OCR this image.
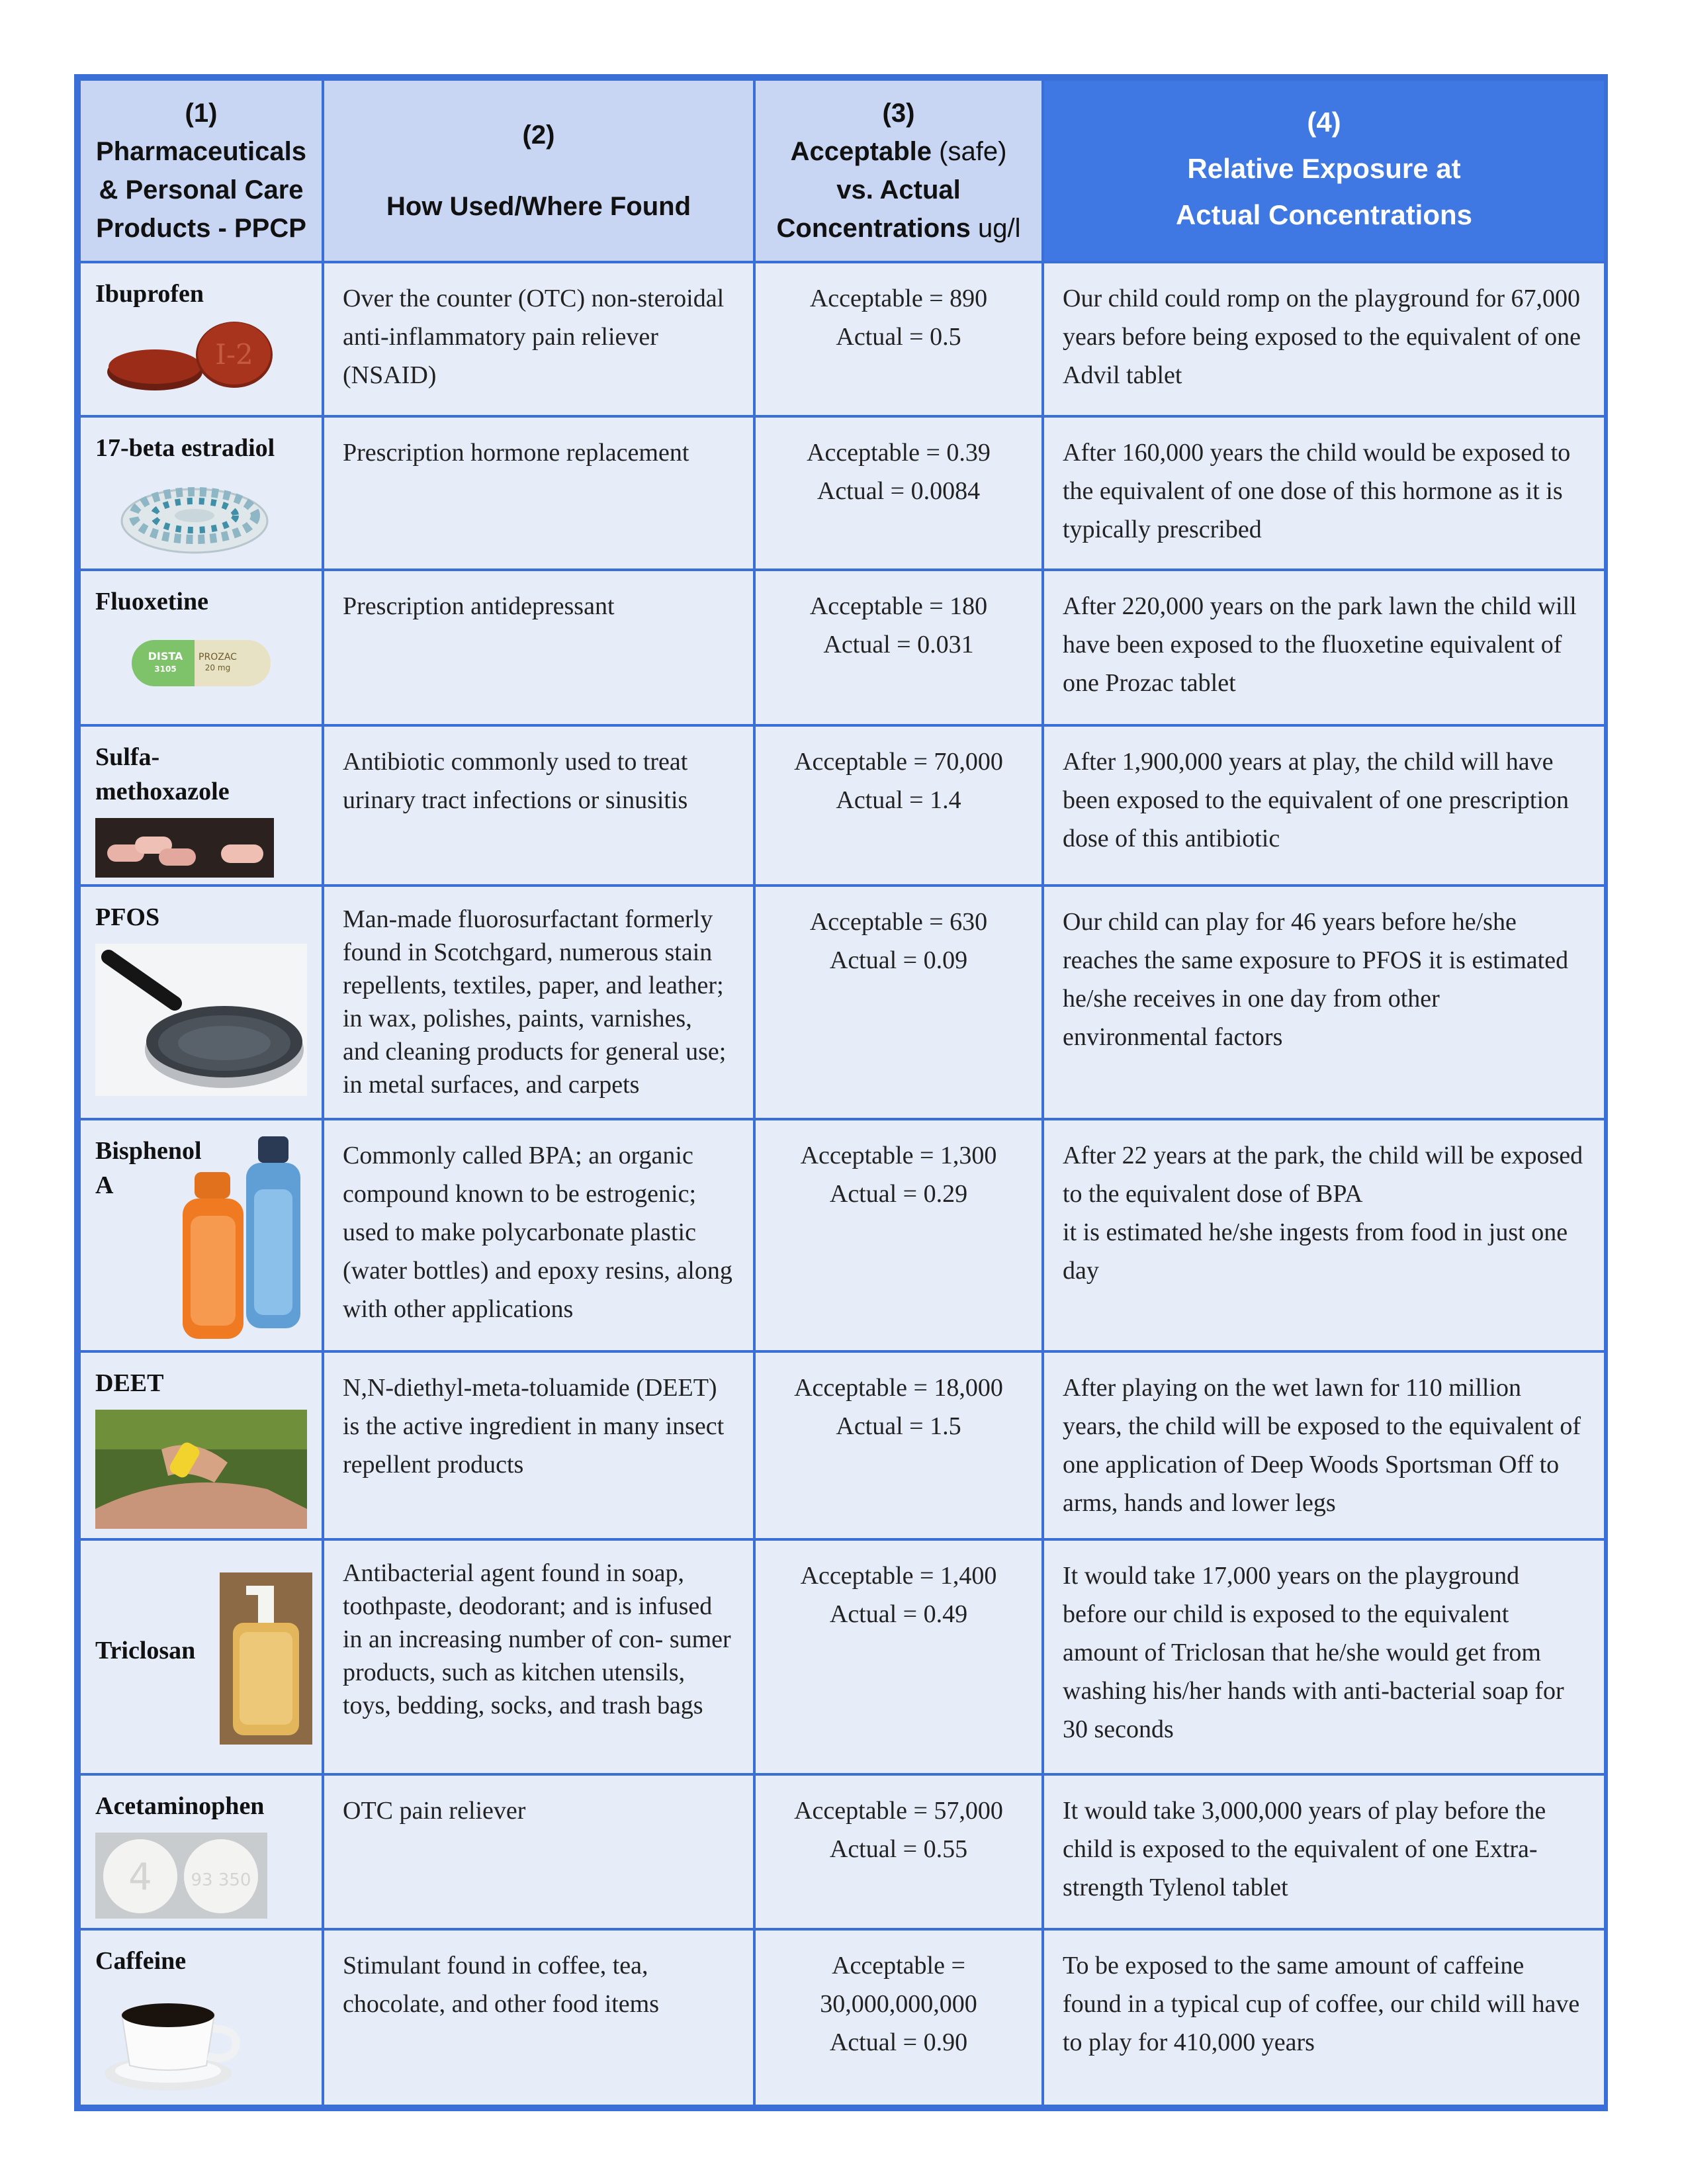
(1)
Pharmaceuticals
& Personal Care
Products - PPCP	(2)
How Used/Where Found	(3)
Acceptable (safe)
vs. Actual
Concentrations ug/l	(4)
Relative Exposure at
Actual Concentrations

Ibuprofen
I-2	Over the counter (OTC) non-steroidal anti-inflammatory pain reliever (NSAID)	Acceptable = 890
Actual = 0.5	Our child could romp on the playground for 67,000 years before being exposed to the equivalent of one Advil tablet

17-beta estradiol	Prescription hormone replacement	Acceptable = 0.39
Actual = 0.0084	After 160,000 years the child would be exposed to the equivalent of one dose of this hormone as it is typically prescribed

Fluoxetine
DISTA
3105
PROZAC
20 mg	Prescription antidepressant	Acceptable = 180
Actual = 0.031	After 220,000 years on the park lawn the child will have been exposed to the fluoxetine equivalent of one Prozac tablet

Sulfa-
methoxazole	Antibiotic commonly used to treat urinary tract infections or sinusitis	Acceptable = 70,000
Actual = 1.4	After 1,900,000 years at play, the child will have been exposed to the equivalent of one prescription dose of this antibiotic

PFOS	Man-made fluorosurfactant formerly found in Scotchgard, numerous stain repellents, textiles, paper, and leather; in wax, polishes, paints, varnishes, and cleaning products for general use; in metal surfaces, and carpets	Acceptable = 630
Actual = 0.09	Our child can play for 46 years before he/she reaches the same exposure to PFOS it is estimated he/she receives in one day from other environmental factors

Bisphenol
A	Commonly called BPA; an organic compound known to be estrogenic; used to make polycarbonate plastic (water bottles) and epoxy resins, along with other applications	Acceptable = 1,300
Actual = 0.29	After 22 years at the park, the child will be exposed to the equivalent dose of BPA
it is estimated he/she ingests from food in just one day

DEET	N,N-diethyl-meta-toluamide (DEET) is the active ingredient in many insect repellent products	Acceptable = 18,000
Actual = 1.5	After playing on the wet lawn for 110 million years, the child will be exposed to the equivalent of one application of Deep Woods Sportsman Off to arms, hands and lower legs

Triclosan	Antibacterial agent found in soap, toothpaste, deodorant; and is infused in an increasing number of con- sumer products, such as kitchen utensils, toys, bedding, socks, and trash bags	Acceptable = 1,400
Actual = 0.49	It would take 17,000 years on the playground before our child is exposed to the equivalent amount of Triclosan that he/she would get from washing his/her hands with anti-bacterial soap for 30 seconds

Acetaminophen
4 93 350	OTC pain reliever	Acceptable = 57,000
Actual = 0.55	It would take 3,000,000 years of play before the child is exposed to the equivalent of one Extra-strength Tylenol tablet

Caffeine	Stimulant found in coffee, tea, chocolate, and other food items	Acceptable =
30,000,000,000
Actual = 0.90	To be exposed to the same amount of caffeine found in a typical cup of coffee, our child will have to play for 410,000 years
